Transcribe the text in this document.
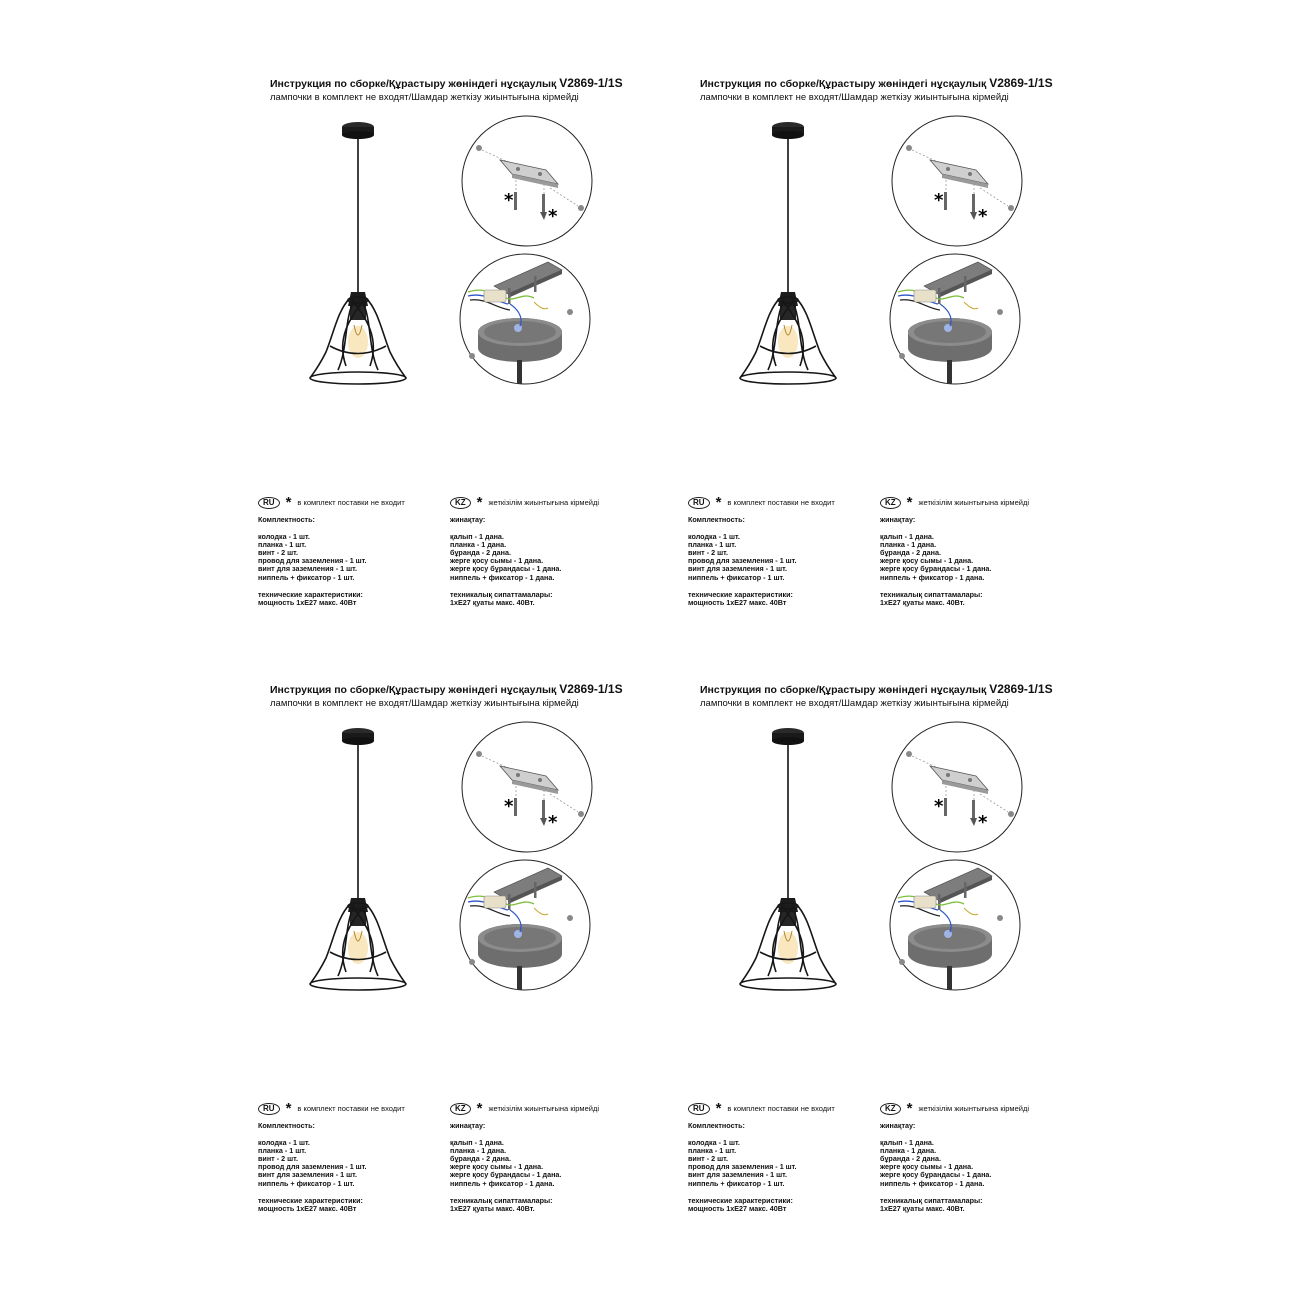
Инструкция по сборке/Құрастыру жөніндегі нұсқаулық V2869-1/1S
лампочки в комплект не входят/Шамдар жеткізу жиынтығына кірмейді
*
*
RU * в комплект поставки не входит
Комплектность:
колодка - 1 шт.
планка - 1 шт.
винт - 2 шт.
провод для заземления - 1 шт.
винт для заземления - 1 шт.
ниппель + фиксатор - 1 шт.
технические характеристики:
мощность 1хЕ27 макс. 40Вт
KZ * жеткізілім жиынтығына кірмейді
жинақтау:
қалып - 1 дана.
планка - 1 дана.
бұранда - 2 дана.
жерге қосу сымы - 1 дана.
жерге қосу бұрандасы - 1 дана.
ниппель + фиксатор - 1 дана.
техникалық сипаттамалары:
1хЕ27 қуаты макс. 40Вт.
Инструкция по сборке/Құрастыру жөніндегі нұсқаулық V2869-1/1S
лампочки в комплект не входят/Шамдар жеткізу жиынтығына кірмейді
*
*
RU * в комплект поставки не входит
Комплектность:
колодка - 1 шт.
планка - 1 шт.
винт - 2 шт.
провод для заземления - 1 шт.
винт для заземления - 1 шт.
ниппель + фиксатор - 1 шт.
технические характеристики:
мощность 1хЕ27 макс. 40Вт
KZ * жеткізілім жиынтығына кірмейді
жинақтау:
қалып - 1 дана.
планка - 1 дана.
бұранда - 2 дана.
жерге қосу сымы - 1 дана.
жерге қосу бұрандасы - 1 дана.
ниппель + фиксатор - 1 дана.
техникалық сипаттамалары:
1хЕ27 қуаты макс. 40Вт.
Инструкция по сборке/Құрастыру жөніндегі нұсқаулық V2869-1/1S
лампочки в комплект не входят/Шамдар жеткізу жиынтығына кірмейді
*
*
RU * в комплект поставки не входит
Комплектность:
колодка - 1 шт.
планка - 1 шт.
винт - 2 шт.
провод для заземления - 1 шт.
винт для заземления - 1 шт.
ниппель + фиксатор - 1 шт.
технические характеристики:
мощность 1хЕ27 макс. 40Вт
KZ * жеткізілім жиынтығына кірмейді
жинақтау:
қалып - 1 дана.
планка - 1 дана.
бұранда - 2 дана.
жерге қосу сымы - 1 дана.
жерге қосу бұрандасы - 1 дана.
ниппель + фиксатор - 1 дана.
техникалық сипаттамалары:
1хЕ27 қуаты макс. 40Вт.
Инструкция по сборке/Құрастыру жөніндегі нұсқаулық V2869-1/1S
лампочки в комплект не входят/Шамдар жеткізу жиынтығына кірмейді
*
*
RU * в комплект поставки не входит
Комплектность:
колодка - 1 шт.
планка - 1 шт.
винт - 2 шт.
провод для заземления - 1 шт.
винт для заземления - 1 шт.
ниппель + фиксатор - 1 шт.
технические характеристики:
мощность 1хЕ27 макс. 40Вт
KZ * жеткізілім жиынтығына кірмейді
жинақтау:
қалып - 1 дана.
планка - 1 дана.
бұранда - 2 дана.
жерге қосу сымы - 1 дана.
жерге қосу бұрандасы - 1 дана.
ниппель + фиксатор - 1 дана.
техникалық сипаттамалары:
1хЕ27 қуаты макс. 40Вт.
